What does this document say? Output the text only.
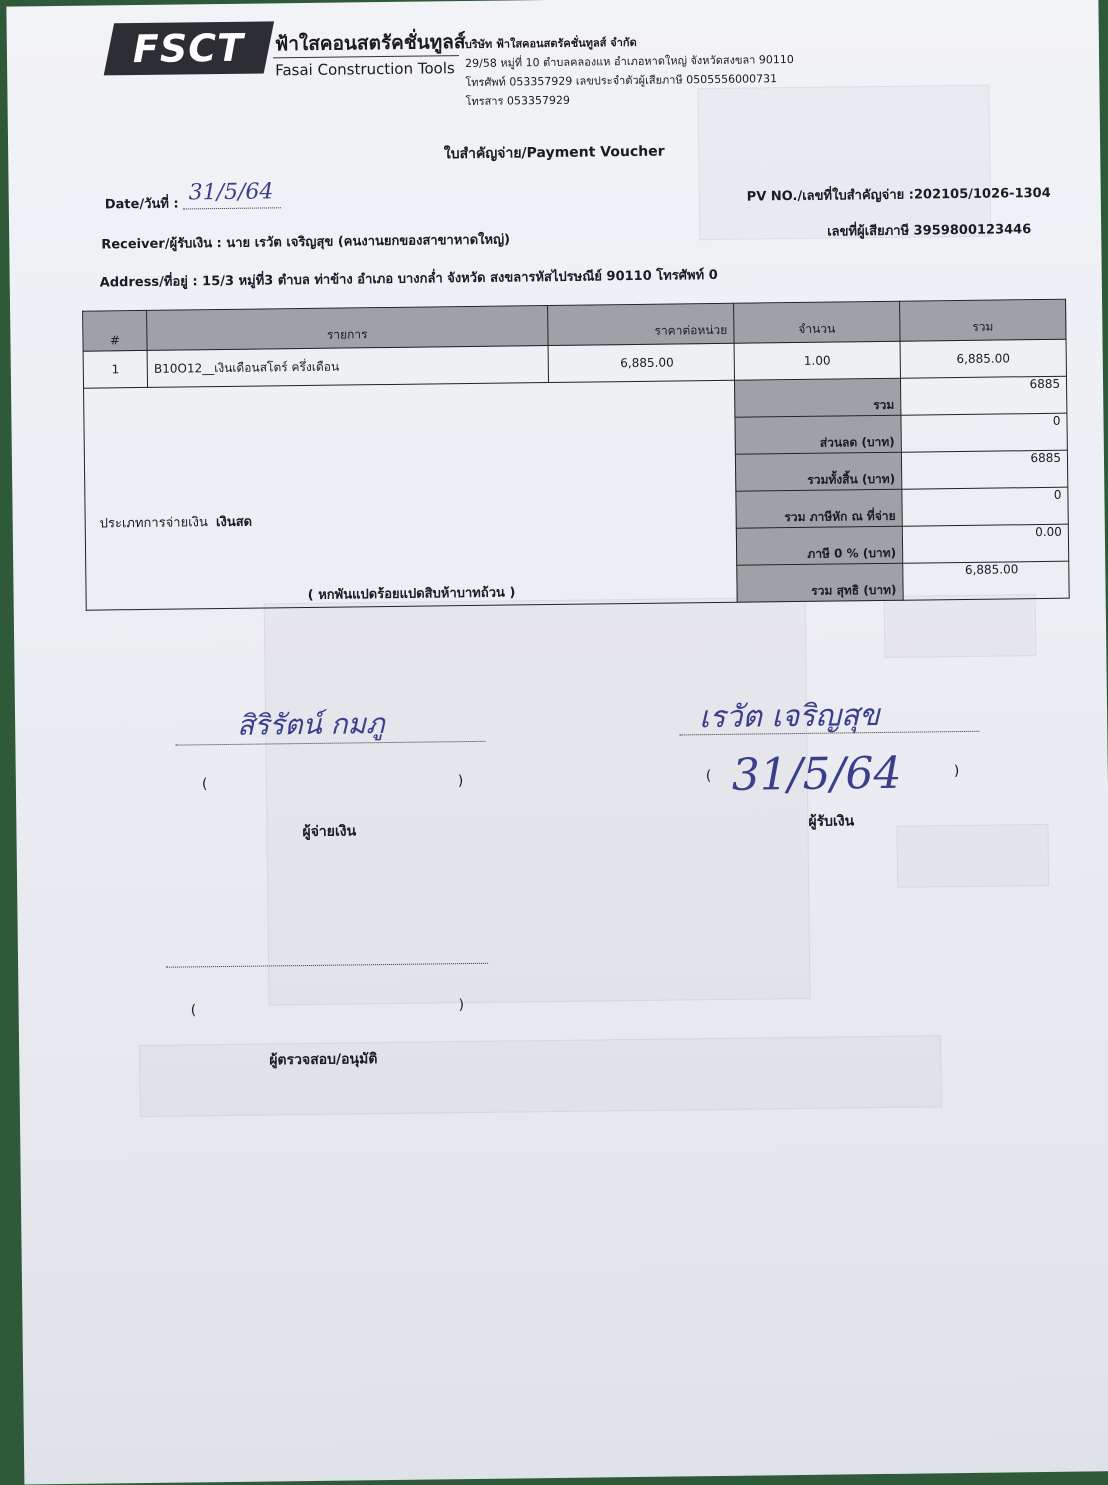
FSCT ฟ้าใสคอนสตรัคชั่นทูลส์
Fasai Construction Tools
บริษัท ฟ้าใสคอนสตรัคชั่นทูลส์ จำกัด
29/58 หมู่ที่ 10 ตำบลคลองแห อำเภอหาดใหญ่ จังหวัดสงขลา 90110
โทรศัพท์ 053357929 เลขประจำตัวผู้เสียภาษี 0505556000731
โทรสาร 053357929
ใบสำคัญจ่าย/Payment Voucher
Date/วันที่ : 31/5/64	PV NO./เลขที่ใบสำคัญจ่าย :202105/1026-1304
Receiver/ผู้รับเงิน : นาย เรวัต เจริญสุข (คนงานยกของสาขาหาดใหญ่)
เลขที่ผู้เสียภาษี 3959800123446
Address/ที่อยู่ : 15/3 หมู่ที่3 ตำบล ท่าข้าง อำเภอ บางกล่ำ จังหวัด สงขลารหัสไปรษณีย์ 90110 โทรศัพท์ 0
#	รายการ	ราคาต่อหน่วย	จำนวน	รวม
1	B10O12__เงินเดือนสโตร์ ครึ่งเดือน	6,885.00	1.00	6,885.00

ประเภทการจ่ายเงิน เงินสด
( หกพันแปดร้อยแปดสิบห้าบาทถ้วน )			รวม	6885
			ส่วนลด (บาท)	0
			รวมทั้งสิ้น (บาท)	6885
			รวม ภาษีหัก ณ ที่จ่าย	0
			ภาษี 0 % (บาท)	0.00
			รวม สุทธิ (บาท)	6,885.00
สิริรัตน์ กมภู
(	)
ผู้จ่ายเงิน
เรวัต เจริญสุข
( 31/5/64	)
ผู้รับเงิน
(	)
ผู้ตรวจสอบ/อนุมัติ
